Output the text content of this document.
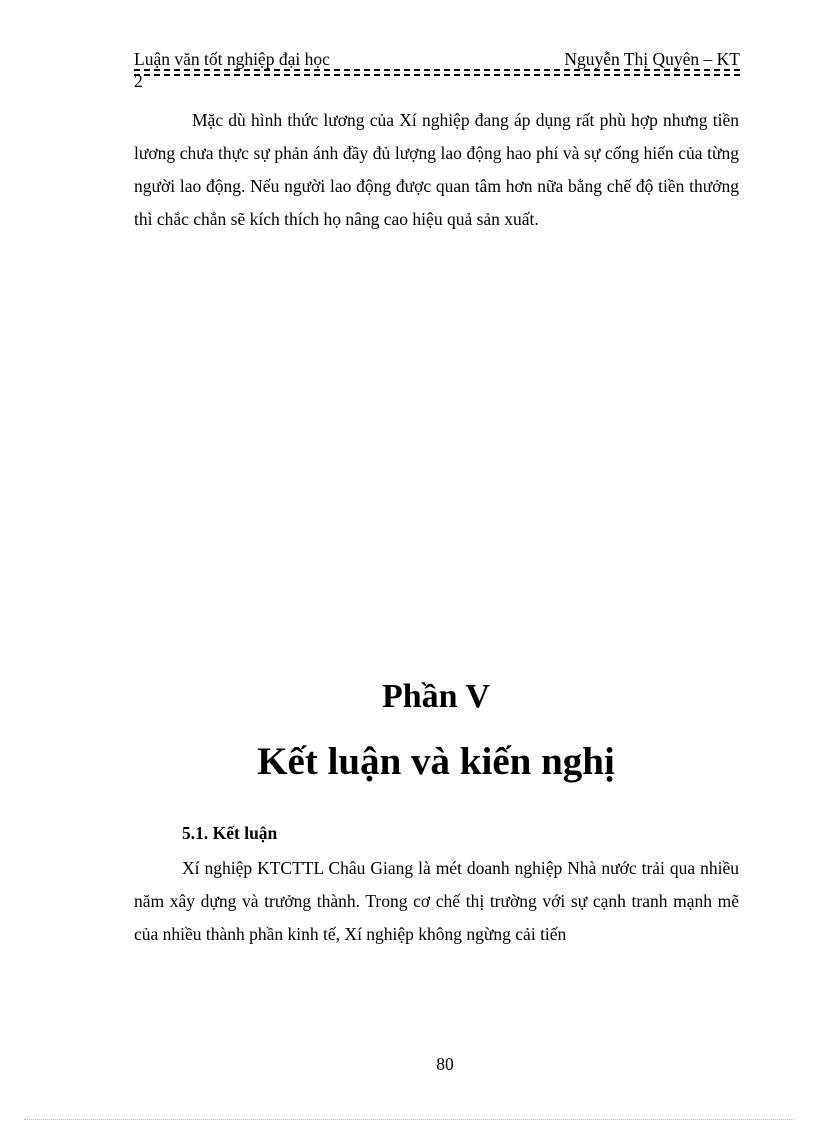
Luận văn tốt nghiệp đại học	Nguyễn Thị Quyên – KT
2

Mặc dù hình thức lương của Xí nghiệp đang áp dụng rất phù hợp nhưng tiền lương chưa thực sự phản ánh đầy đủ lượng lao động hao phí và sự cống hiến của từng người lao động. Nếu người lao động được quan tâm hơn nữa bằng chế độ tiền thưởng thì chắc chắn sẽ kích thích họ nâng cao hiệu quả sản xuất.

Phần V
Kết luận và kiến nghị
5.1. Kết luận

Xí nghiệp KTCTTL Châu Giang là mét doanh nghiệp Nhà nước trải qua nhiều năm xây dựng và trưởng thành. Trong cơ chế thị trường với sự cạnh tranh mạnh mẽ của nhiều thành phần kinh tế, Xí nghiệp không ngừng cải tiến

80
